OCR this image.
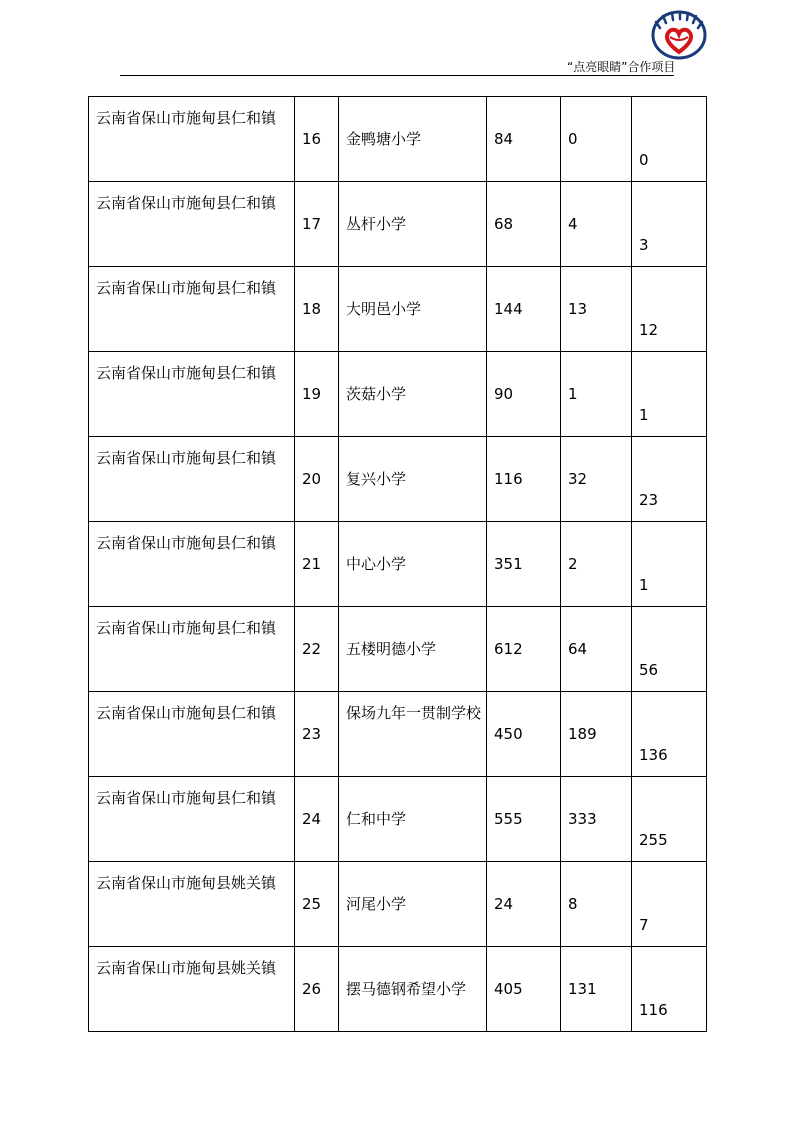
“点亮眼睛”合作项目
云南省保山市施甸县仁和镇	16	金鸭塘小学	84	0	0
云南省保山市施甸县仁和镇	17	丛杆小学	68	4	3
云南省保山市施甸县仁和镇	18	大明邑小学	144	13	12
云南省保山市施甸县仁和镇	19	茨菇小学	90	1	1
云南省保山市施甸县仁和镇	20	复兴小学	116	32	23
云南省保山市施甸县仁和镇	21	中心小学	351	2	1
云南省保山市施甸县仁和镇	22	五楼明德小学	612	64	56
云南省保山市施甸县仁和镇	23	保场九年一贯制学校	450	189	136
云南省保山市施甸县仁和镇	24	仁和中学	555	333	255
云南省保山市施甸县姚关镇	25	河尾小学	24	8	7
云南省保山市施甸县姚关镇	26	摆马德钢希望小学	405	131	116
